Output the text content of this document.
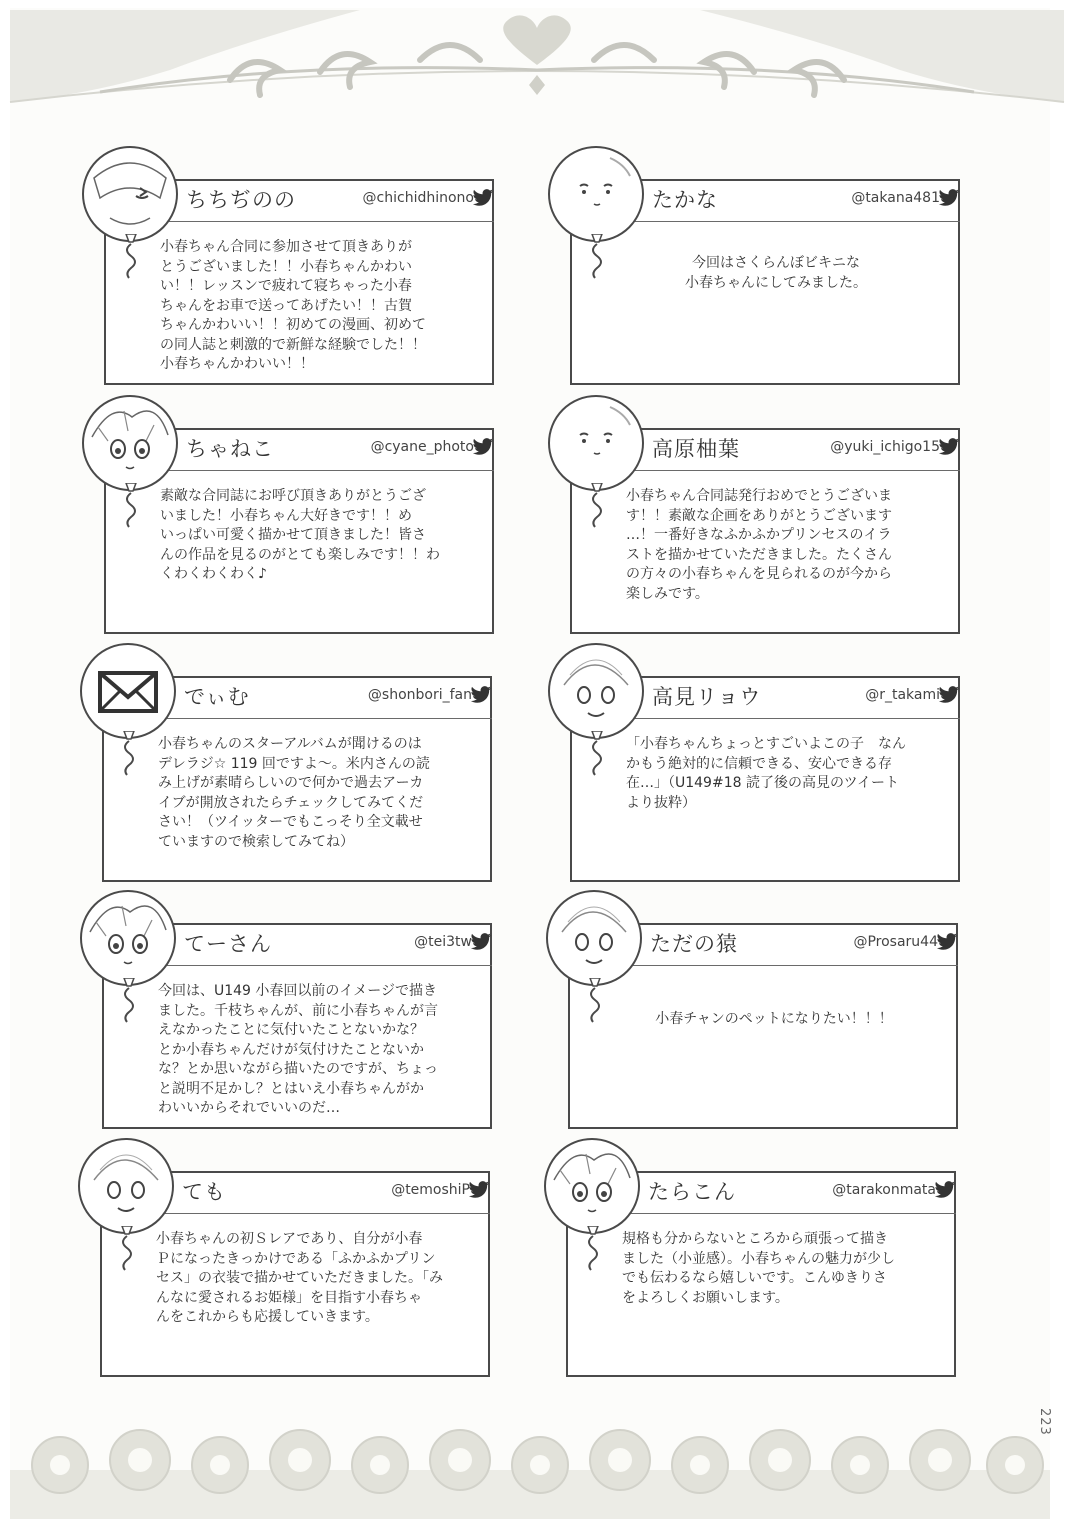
223
ちちぢのの	@chichidhinono
小春ちゃん合同に参加させて頂きありが
とうございました！！小春ちゃんかわい
い！！レッスンで疲れて寝ちゃった小春
ちゃんをお車で送ってあげたい！！古賀
ちゃんかわいい！！初めての漫画、初めて
の同人誌と刺激的で新鮮な経験でした！！
小春ちゃんかわいい！！
たかな	@takana481
今回はさくらんぼビキニな
小春ちゃんにしてみました。
ちゃねこ	@cyane_photo
素敵な合同誌にお呼び頂きありがとうござ
いました！小春ちゃん大好きです！！め
いっぱい可愛く描かせて頂きました！皆さ
んの作品を見るのがとても楽しみです！！わ
くわくわくわく♪
高原柚葉	@yuki_ichigo15
小春ちゃん合同誌発行おめでとうございま
す！！素敵な企画をありがとうございます
…！一番好きなふかふかプリンセスのイラ
ストを描かせていただきました。たくさん
の方々の小春ちゃんを見られるのが今から
楽しみです。
でぃむ	@shonbori_fan
小春ちゃんのスターアルバムが聞けるのは
デレラジ☆ 119 回ですよ～。米内さんの読
み上げが素晴らしいので何かで過去アーカ
イブが開放されたらチェックしてみてくだ
さい！（ツイッターでもこっそり全文載せ
ていますので検索してみてね）
高見リョウ	@r_takami
「小春ちゃんちょっとすごいよこの子　なん
かもう絶対的に信頼できる、安心できる存
在…」（U149#18 読了後の高見のツイート
より抜粋）
てーさん	@tei3tw
今回は、U149 小春回以前のイメージで描き
ました。千枝ちゃんが、前に小春ちゃんが言
えなかったことに気付いたことないかな？
とか小春ちゃんだけが気付けたことないか
な？とか思いながら描いたのですが、ちょっ
と説明不足かし？とはいえ小春ちゃんがか
わいいからそれでいいのだ…
ただの猿	@Prosaru44
小春チャンのペットになりたい！！！
ても	@temoshiP
小春ちゃんの初Ｓレアであり、自分が小春
Ｐになったきっかけである「ふかふかプリン
セス」の衣装で描かせていただきました。「み
んなに愛されるお姫様」を目指す小春ちゃ
んをこれからも応援していきます。
たらこん	@tarakonmata
規格も分からないところから頑張って描き
ました（小並感）。小春ちゃんの魅力が少し
でも伝わるなら嬉しいです。こんゆきりさ
をよろしくお願いします。
